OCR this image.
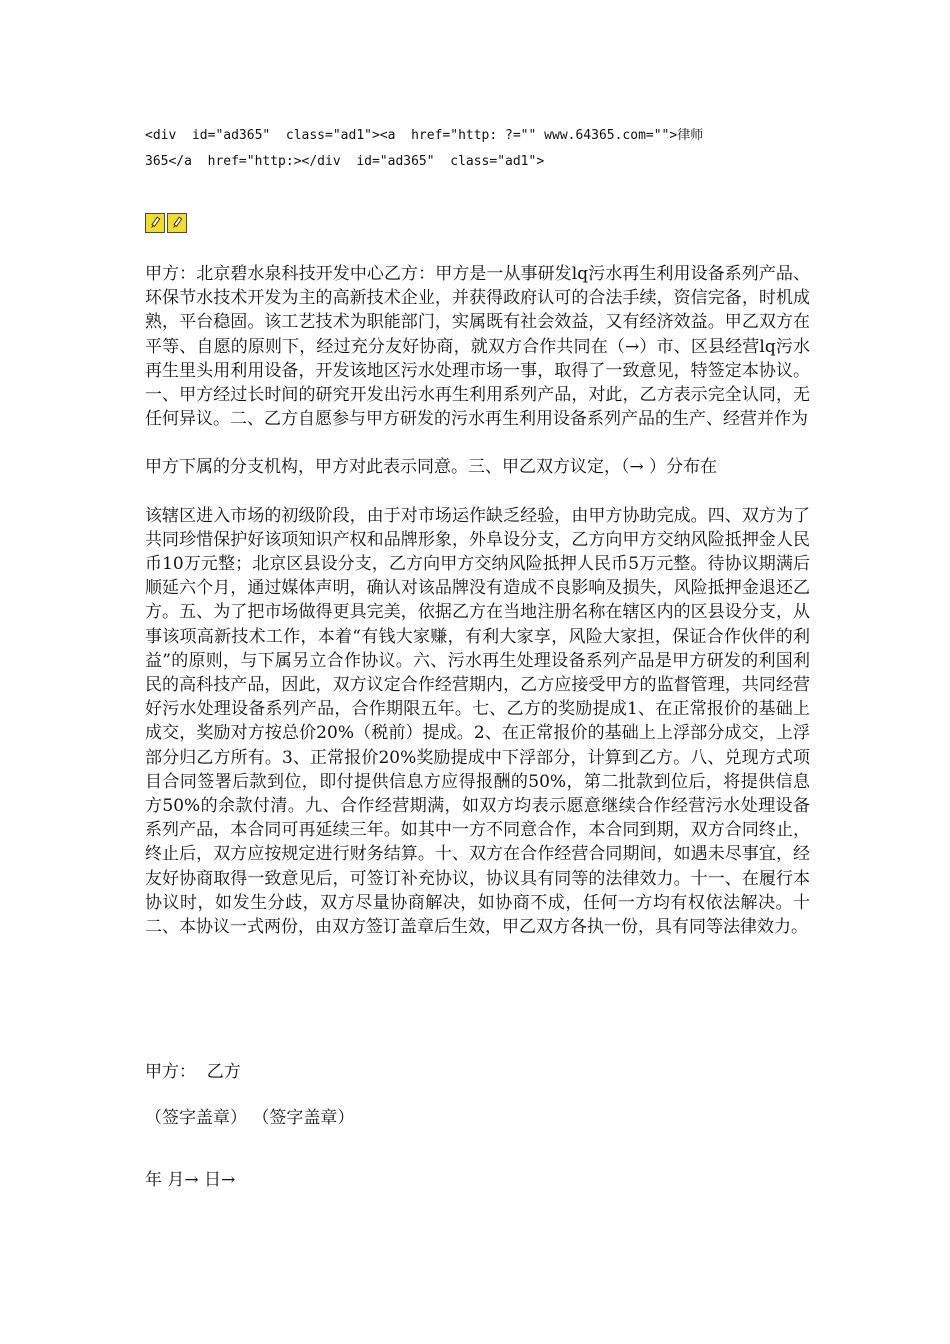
<div  id="ad365"  class="ad1"><a  href="http: ?="" www.64365.com="">律师
365</a  href="http:></div  id="ad365"  class="ad1">

甲方：北京碧水泉科技开发中心乙方：甲方是一从事研发lq污水再生利用设备系列产品、环保节水技术开发为主的高新技术企业，并获得政府认可的合法手续，资信完备，时机成熟，平台稳固。该工艺技术为职能部门，实属既有社会效益，又有经济效益。甲乙双方在平等、自愿的原则下，经过充分友好协商，就双方合作共同在（→）市、区县经营lq污水再生里头用利用设备，开发该地区污水处理市场一事，取得了一致意见，特签定本协议。一、甲方经过长时间的研究开发出污水再生利用系列产品，对此，乙方表示完全认同，无任何异议。二、乙方自愿参与甲方研发的污水再生利用设备系列产品的生产、经营并作为

甲方下属的分支机构，甲方对此表示同意。三、甲乙双方议定，（→ ）分布在

该辖区进入市场的初级阶段，由于对市场运作缺乏经验，由甲方协助完成。四、双方为了共同珍惜保护好该项知识产权和品牌形象，外阜设分支，乙方向甲方交纳风险抵押金人民币10万元整；北京区县设分支，乙方向甲方交纳风险抵押人民币5万元整。待协议期满后顺延六个月，通过媒体声明，确认对该品牌没有造成不良影响及损失，风险抵押金退还乙方。五、为了把市场做得更具完美，依据乙方在当地注册名称在辖区内的区县设分支，从事该项高新技术工作，本着“有钱大家赚，有利大家享，风险大家担，保证合作伙伴的利益”的原则，与下属另立合作协议。六、污水再生处理设备系列产品是甲方研发的利国利民的高科技产品，因此，双方议定合作经营期内，乙方应接受甲方的监督管理，共同经营好污水处理设备系列产品，合作期限五年。七、乙方的奖励提成1、在正常报价的基础上成交，奖励对方按总价20%（税前）提成。2、在正常报价的基础上上浮部分成交，上浮部分归乙方所有。3、正常报价20%奖励提成中下浮部分，计算到乙方。八、兑现方式项目合同签署后款到位，即付提供信息方应得报酬的50%，第二批款到位后，将提供信息方50%的余款付清。九、合作经营期满，如双方均表示愿意继续合作经营污水处理设备系列产品，本合同可再延续三年。如其中一方不同意合作，本合同到期，双方合同终止，终止后，双方应按规定进行财务结算。十、双方在合作经营合同期间，如遇未尽事宜，经友好协商取得一致意见后，可签订补充协议，协议具有同等的法律效力。十一、在履行本协议时，如发生分歧，双方尽量协商解决，如协商不成，任何一方均有权依法解决。十二、本协议一式两份，由双方签订盖章后生效，甲乙双方各执一份，具有同等法律效力。

甲方：  乙方
（签字盖章） （签字盖章）
年 月→ 日→
